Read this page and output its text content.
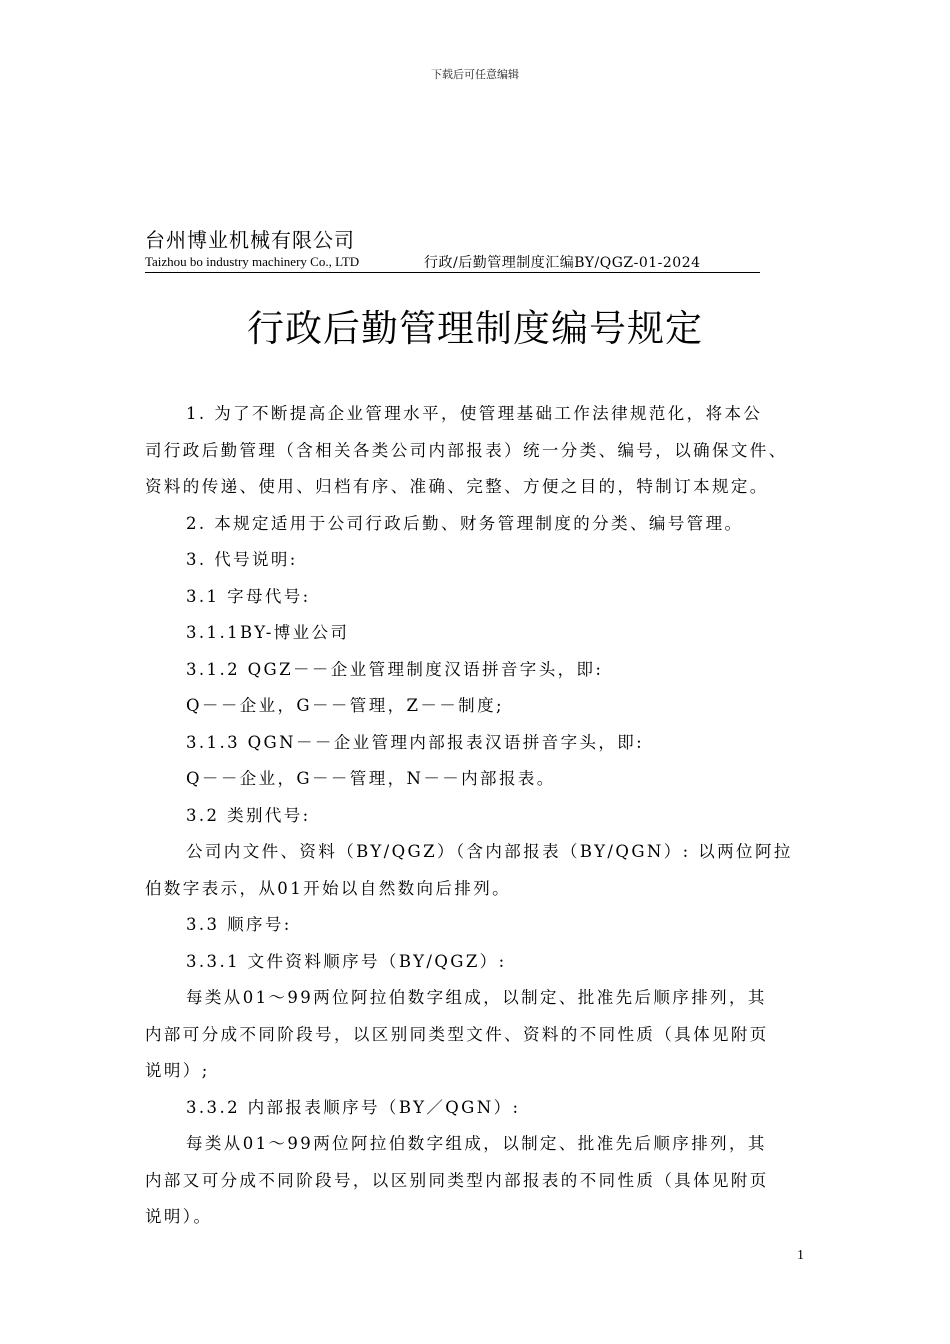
下载后可任意编辑
台州博业机械有限公司
Taizhou bo industry machinery Co., LTD	行政/后勤管理制度汇编BY/QGZ-01-2024
行政后勤管理制度编号规定
1. 为了不断提高企业管理水平，使管理基础工作法律规范化，将本公
司行政后勤管理（含相关各类公司内部报表）统一分类、编号，以确保文件、
资料的传递、使用、归档有序、准确、完整、方便之目的，特制订本规定。
2. 本规定适用于公司行政后勤、财务管理制度的分类、编号管理。
3. 代号说明:
3.1 字母代号:
3.1.1BY-博业公司
3.1.2 QGZ－－企业管理制度汉语拼音字头，即:
Q－－企业，G－－管理，Z－－制度;
3.1.3 QGN－－企业管理内部报表汉语拼音字头，即:
Q－－企业，G－－管理，N－－内部报表。
3.2 类别代号:
公司内文件、资料（BY/QGZ）（含内部报表（BY/QGN）: 以两位阿拉
伯数字表示，从01开始以自然数向后排列。
3.3 顺序号:
3.3.1 文件资料顺序号（BY/QGZ）:
每类从01～99两位阿拉伯数字组成，以制定、批准先后顺序排列，其
内部可分成不同阶段号，以区别同类型文件、资料的不同性质（具体见附页
说明）;
3.3.2 内部报表顺序号（BY／QGN）:
每类从01～99两位阿拉伯数字组成，以制定、批准先后顺序排列，其
内部又可分成不同阶段号，以区别同类型内部报表的不同性质（具体见附页
说明）。
1
